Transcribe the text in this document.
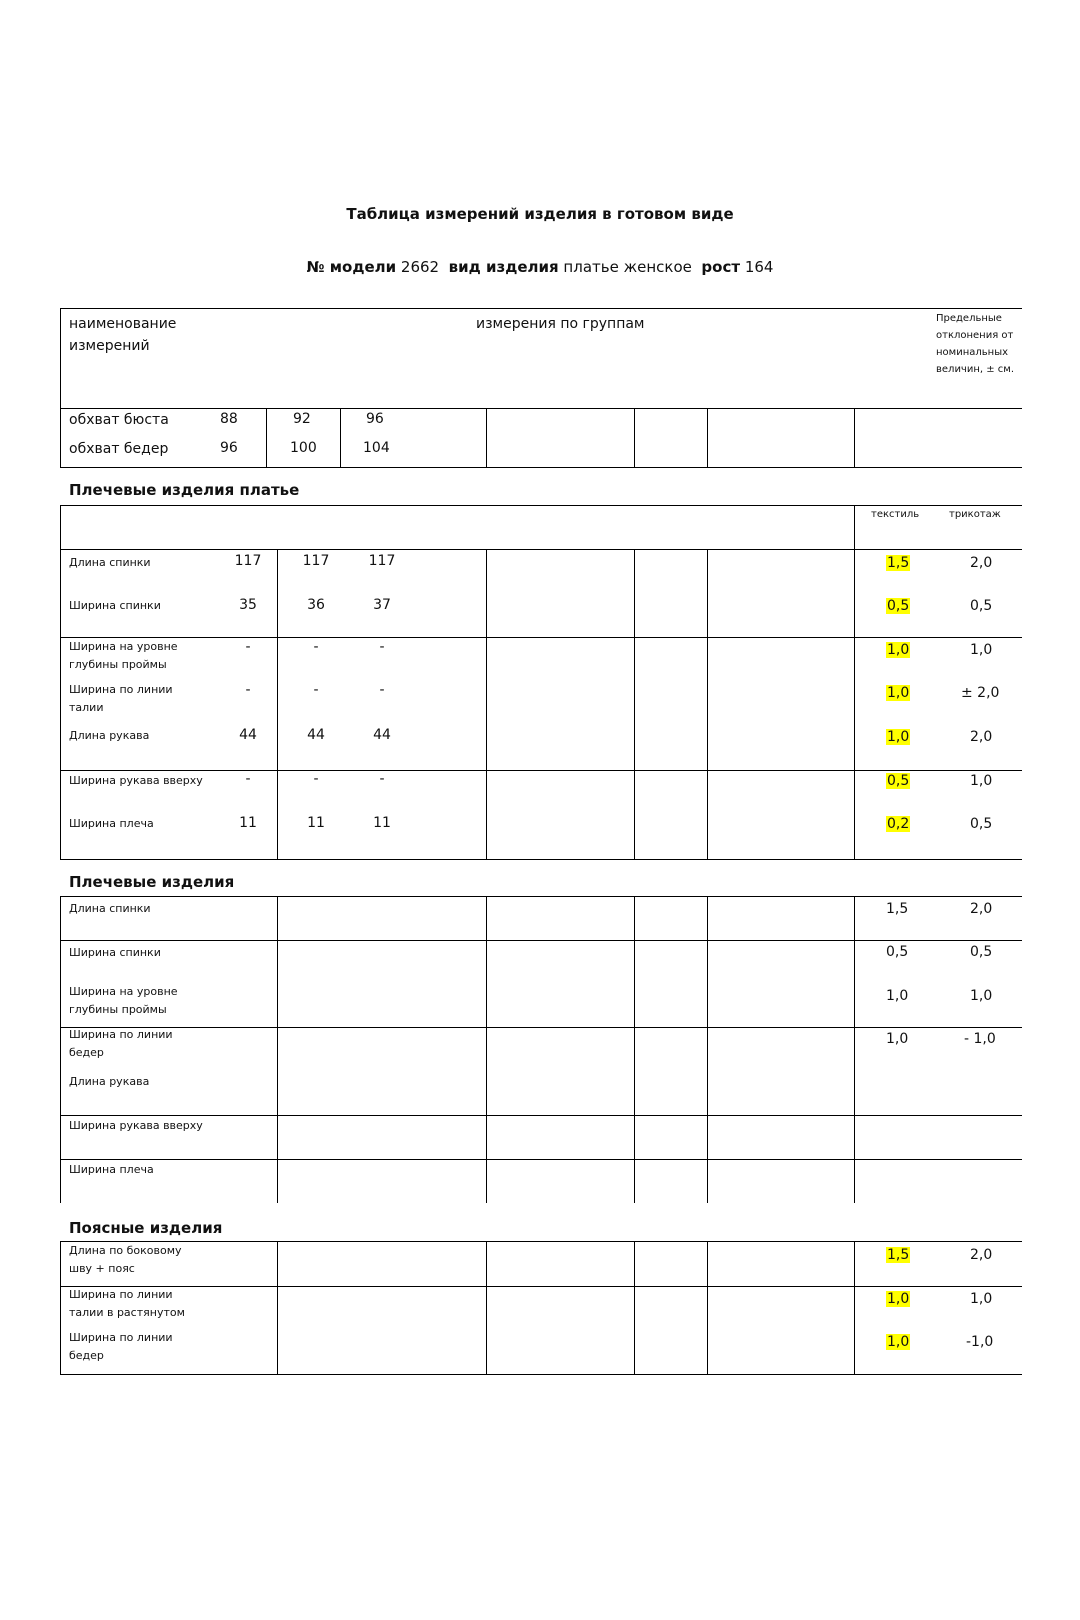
Таблица измерений изделия в готовом виде
№ модели 2662 вид изделия платье женское рост 164
наименование
измерений
измерения по группам	Предельные
отклонения от
номинальных
величин, ± см.
обхват бюста	88	92	96
обхват бедер	96	100	104
Плечевые изделия платье
текстиль	трикотаж
Длина спинки	117	117	117	1,5	2,0
Ширина спинки	35	36	37	0,5	0,5
Ширина на уровне
глубины проймы
-	-	-	1,0	1,0
Ширина по линии
талии
-	-	-	1,0	± 2,0
Длина рукава	44	44	44	1,0	2,0
Ширина рукава вверху	-	-	-	0,5	1,0
Ширина плеча	11	11	11	0,2	0,5
Плечевые изделия
Длина спинки	1,5	2,0
Ширина спинки	0,5	0,5
Ширина на уровне
глубины проймы
1,0	1,0
Ширина по линии
бедер
1,0	- 1,0
Длина рукава
Ширина рукава вверху
Ширина плеча
Поясные изделия
Длина по боковому
шву + пояс
1,5	2,0
Ширина по линии
талии в растянутом
1,0	1,0
Ширина по линии
бедер
1,0	-1,0
